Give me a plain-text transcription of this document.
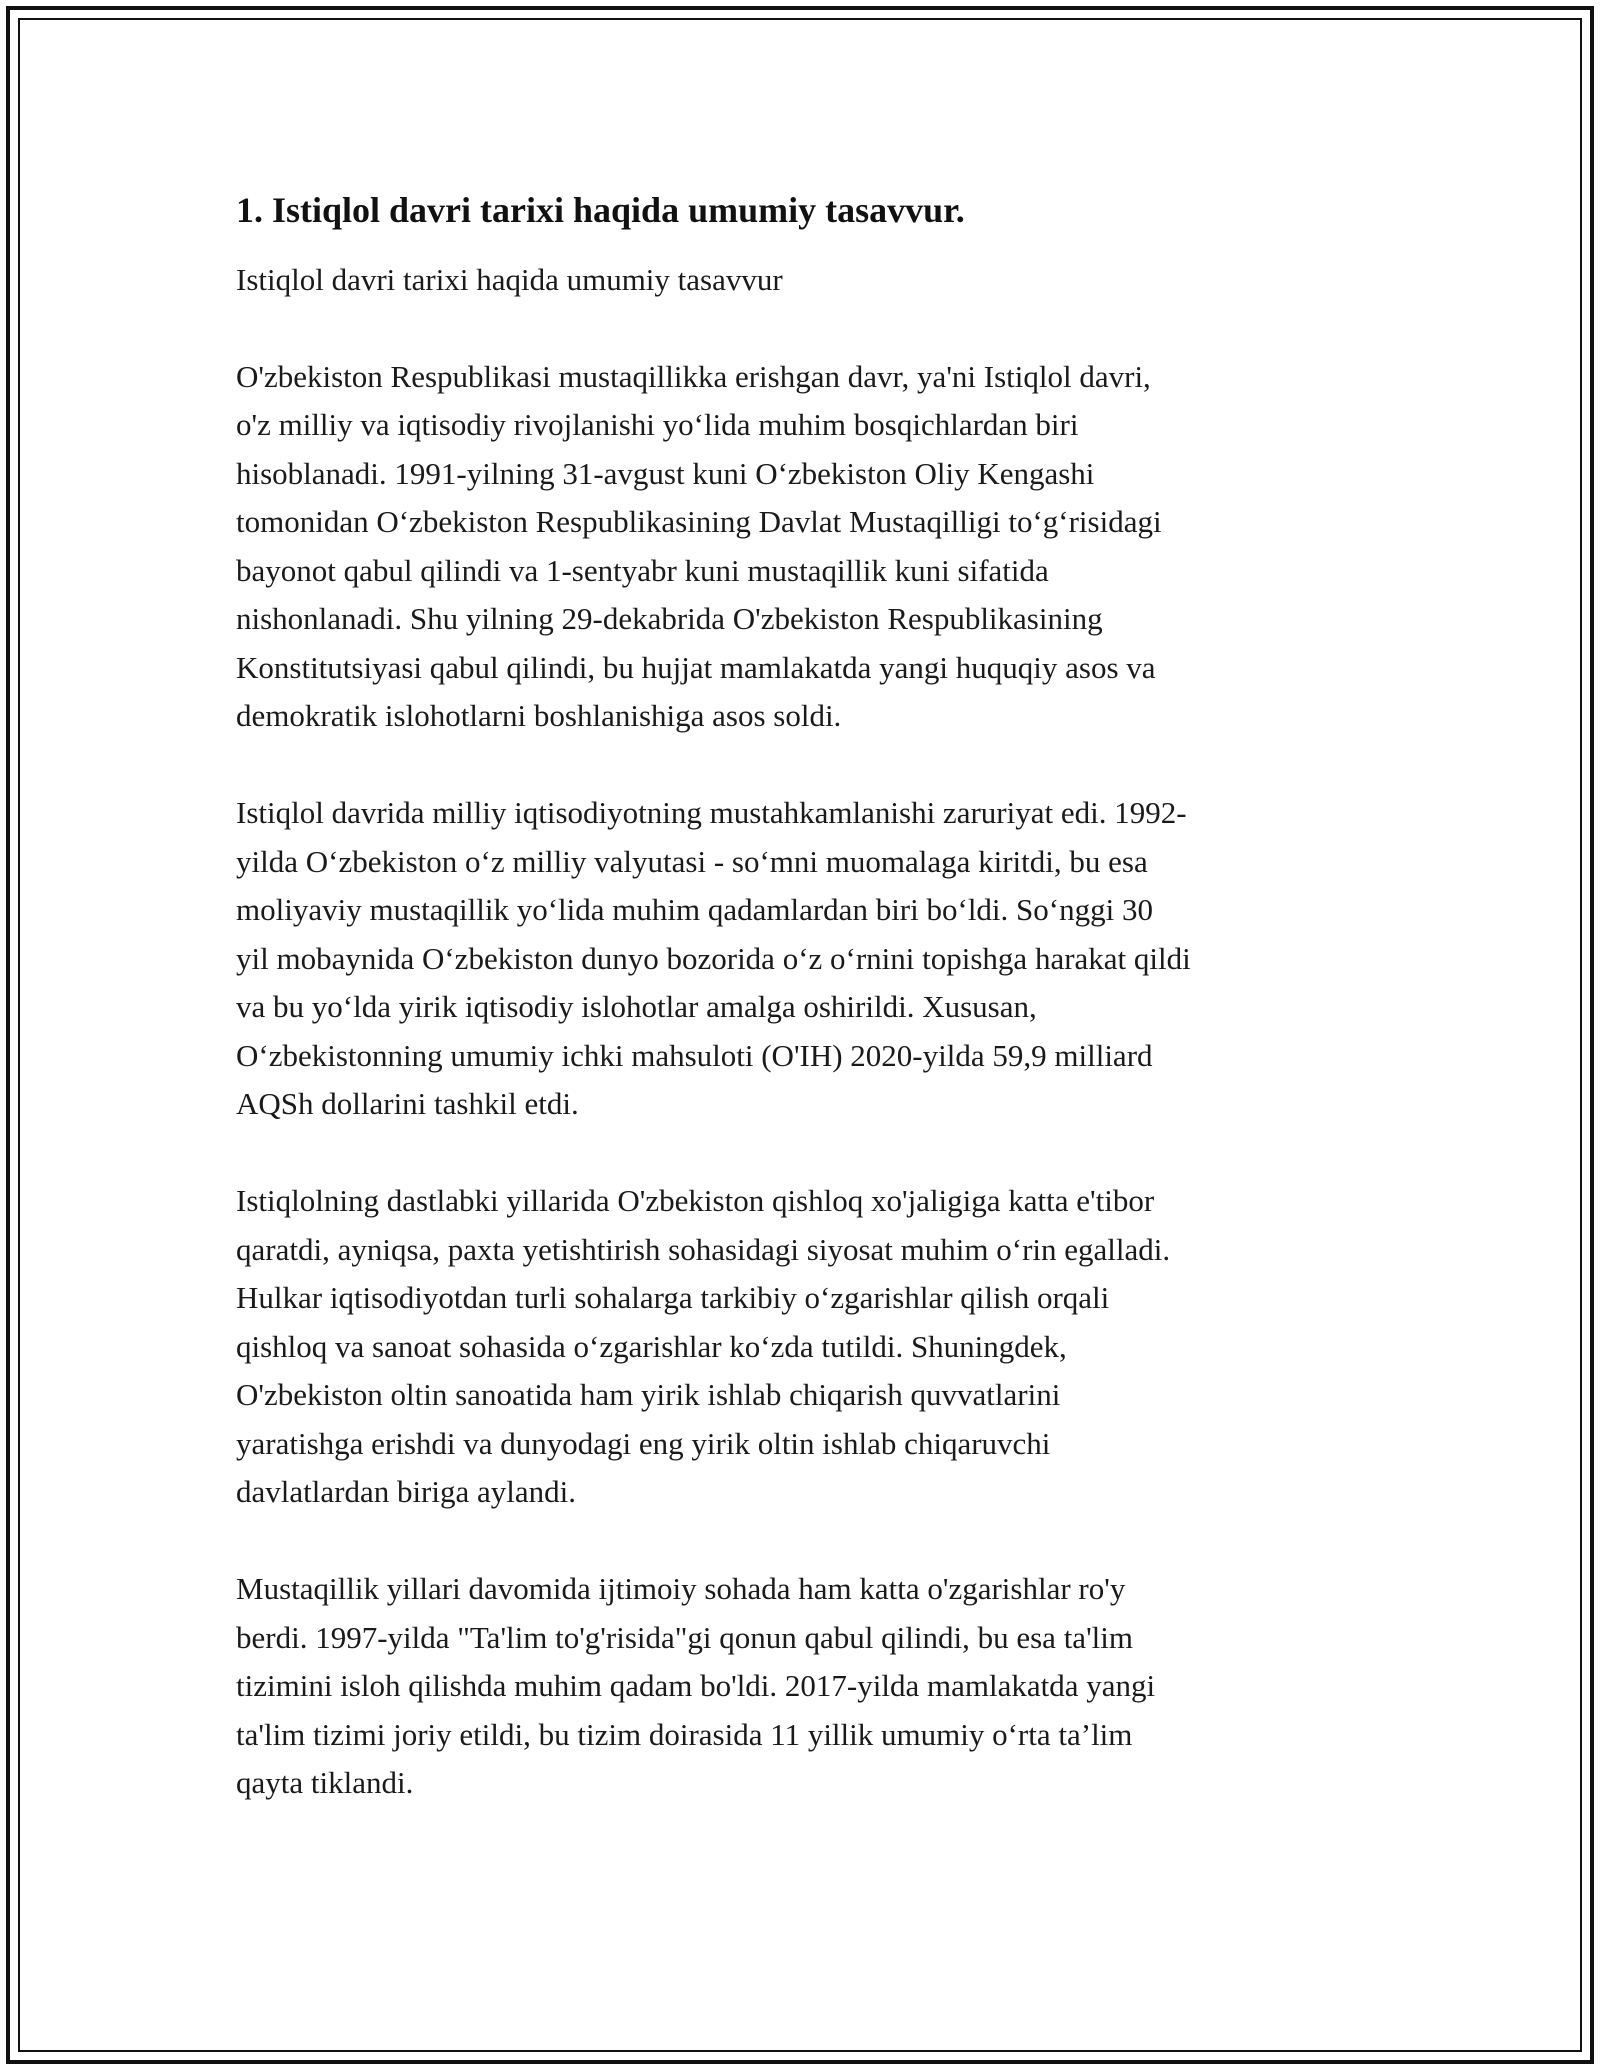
1. Istiqlol davri tarixi haqida umumiy tasavvur.

Istiqlol davri tarixi haqida umumiy tasavvur

O'zbekiston Respublikasi mustaqillikka erishgan davr, ya'ni Istiqlol davri,
o'z milliy va iqtisodiy rivojlanishi yo‘lida muhim bosqichlardan biri
hisoblanadi. 1991-yilning 31-avgust kuni O‘zbekiston Oliy Kengashi
tomonidan O‘zbekiston Respublikasining Davlat Mustaqilligi to‘g‘risidagi
bayonot qabul qilindi va 1-sentyabr kuni mustaqillik kuni sifatida
nishonlanadi. Shu yilning 29-dekabrida O'zbekiston Respublikasining
Konstitutsiyasi qabul qilindi, bu hujjat mamlakatda yangi huquqiy asos va
demokratik islohotlarni boshlanishiga asos soldi.

Istiqlol davrida milliy iqtisodiyotning mustahkamlanishi zaruriyat edi. 1992-
yilda O‘zbekiston o‘z milliy valyutasi - so‘mni muomalaga kiritdi, bu esa
moliyaviy mustaqillik yo‘lida muhim qadamlardan biri bo‘ldi. So‘nggi 30
yil mobaynida O‘zbekiston dunyo bozorida o‘z o‘rnini topishga harakat qildi
va bu yo‘lda yirik iqtisodiy islohotlar amalga oshirildi. Xususan,
O‘zbekistonning umumiy ichki mahsuloti (O'IH) 2020-yilda 59,9 milliard
AQSh dollarini tashkil etdi.

Istiqlolning dastlabki yillarida O'zbekiston qishloq xo'jaligiga katta e'tibor
qaratdi, ayniqsa, paxta yetishtirish sohasidagi siyosat muhim o‘rin egalladi.
Hulkar iqtisodiyotdan turli sohalarga tarkibiy o‘zgarishlar qilish orqali
qishloq va sanoat sohasida o‘zgarishlar ko‘zda tutildi. Shuningdek,
O'zbekiston oltin sanoatida ham yirik ishlab chiqarish quvvatlarini
yaratishga erishdi va dunyodagi eng yirik oltin ishlab chiqaruvchi
davlatlardan biriga aylandi.

Mustaqillik yillari davomida ijtimoiy sohada ham katta o'zgarishlar ro'y
berdi. 1997-yilda "Ta'lim to'g'risida"gi qonun qabul qilindi, bu esa ta'lim
tizimini isloh qilishda muhim qadam bo'ldi. 2017-yilda mamlakatda yangi
ta'lim tizimi joriy etildi, bu tizim doirasida 11 yillik umumiy o‘rta ta’lim
qayta tiklandi.
